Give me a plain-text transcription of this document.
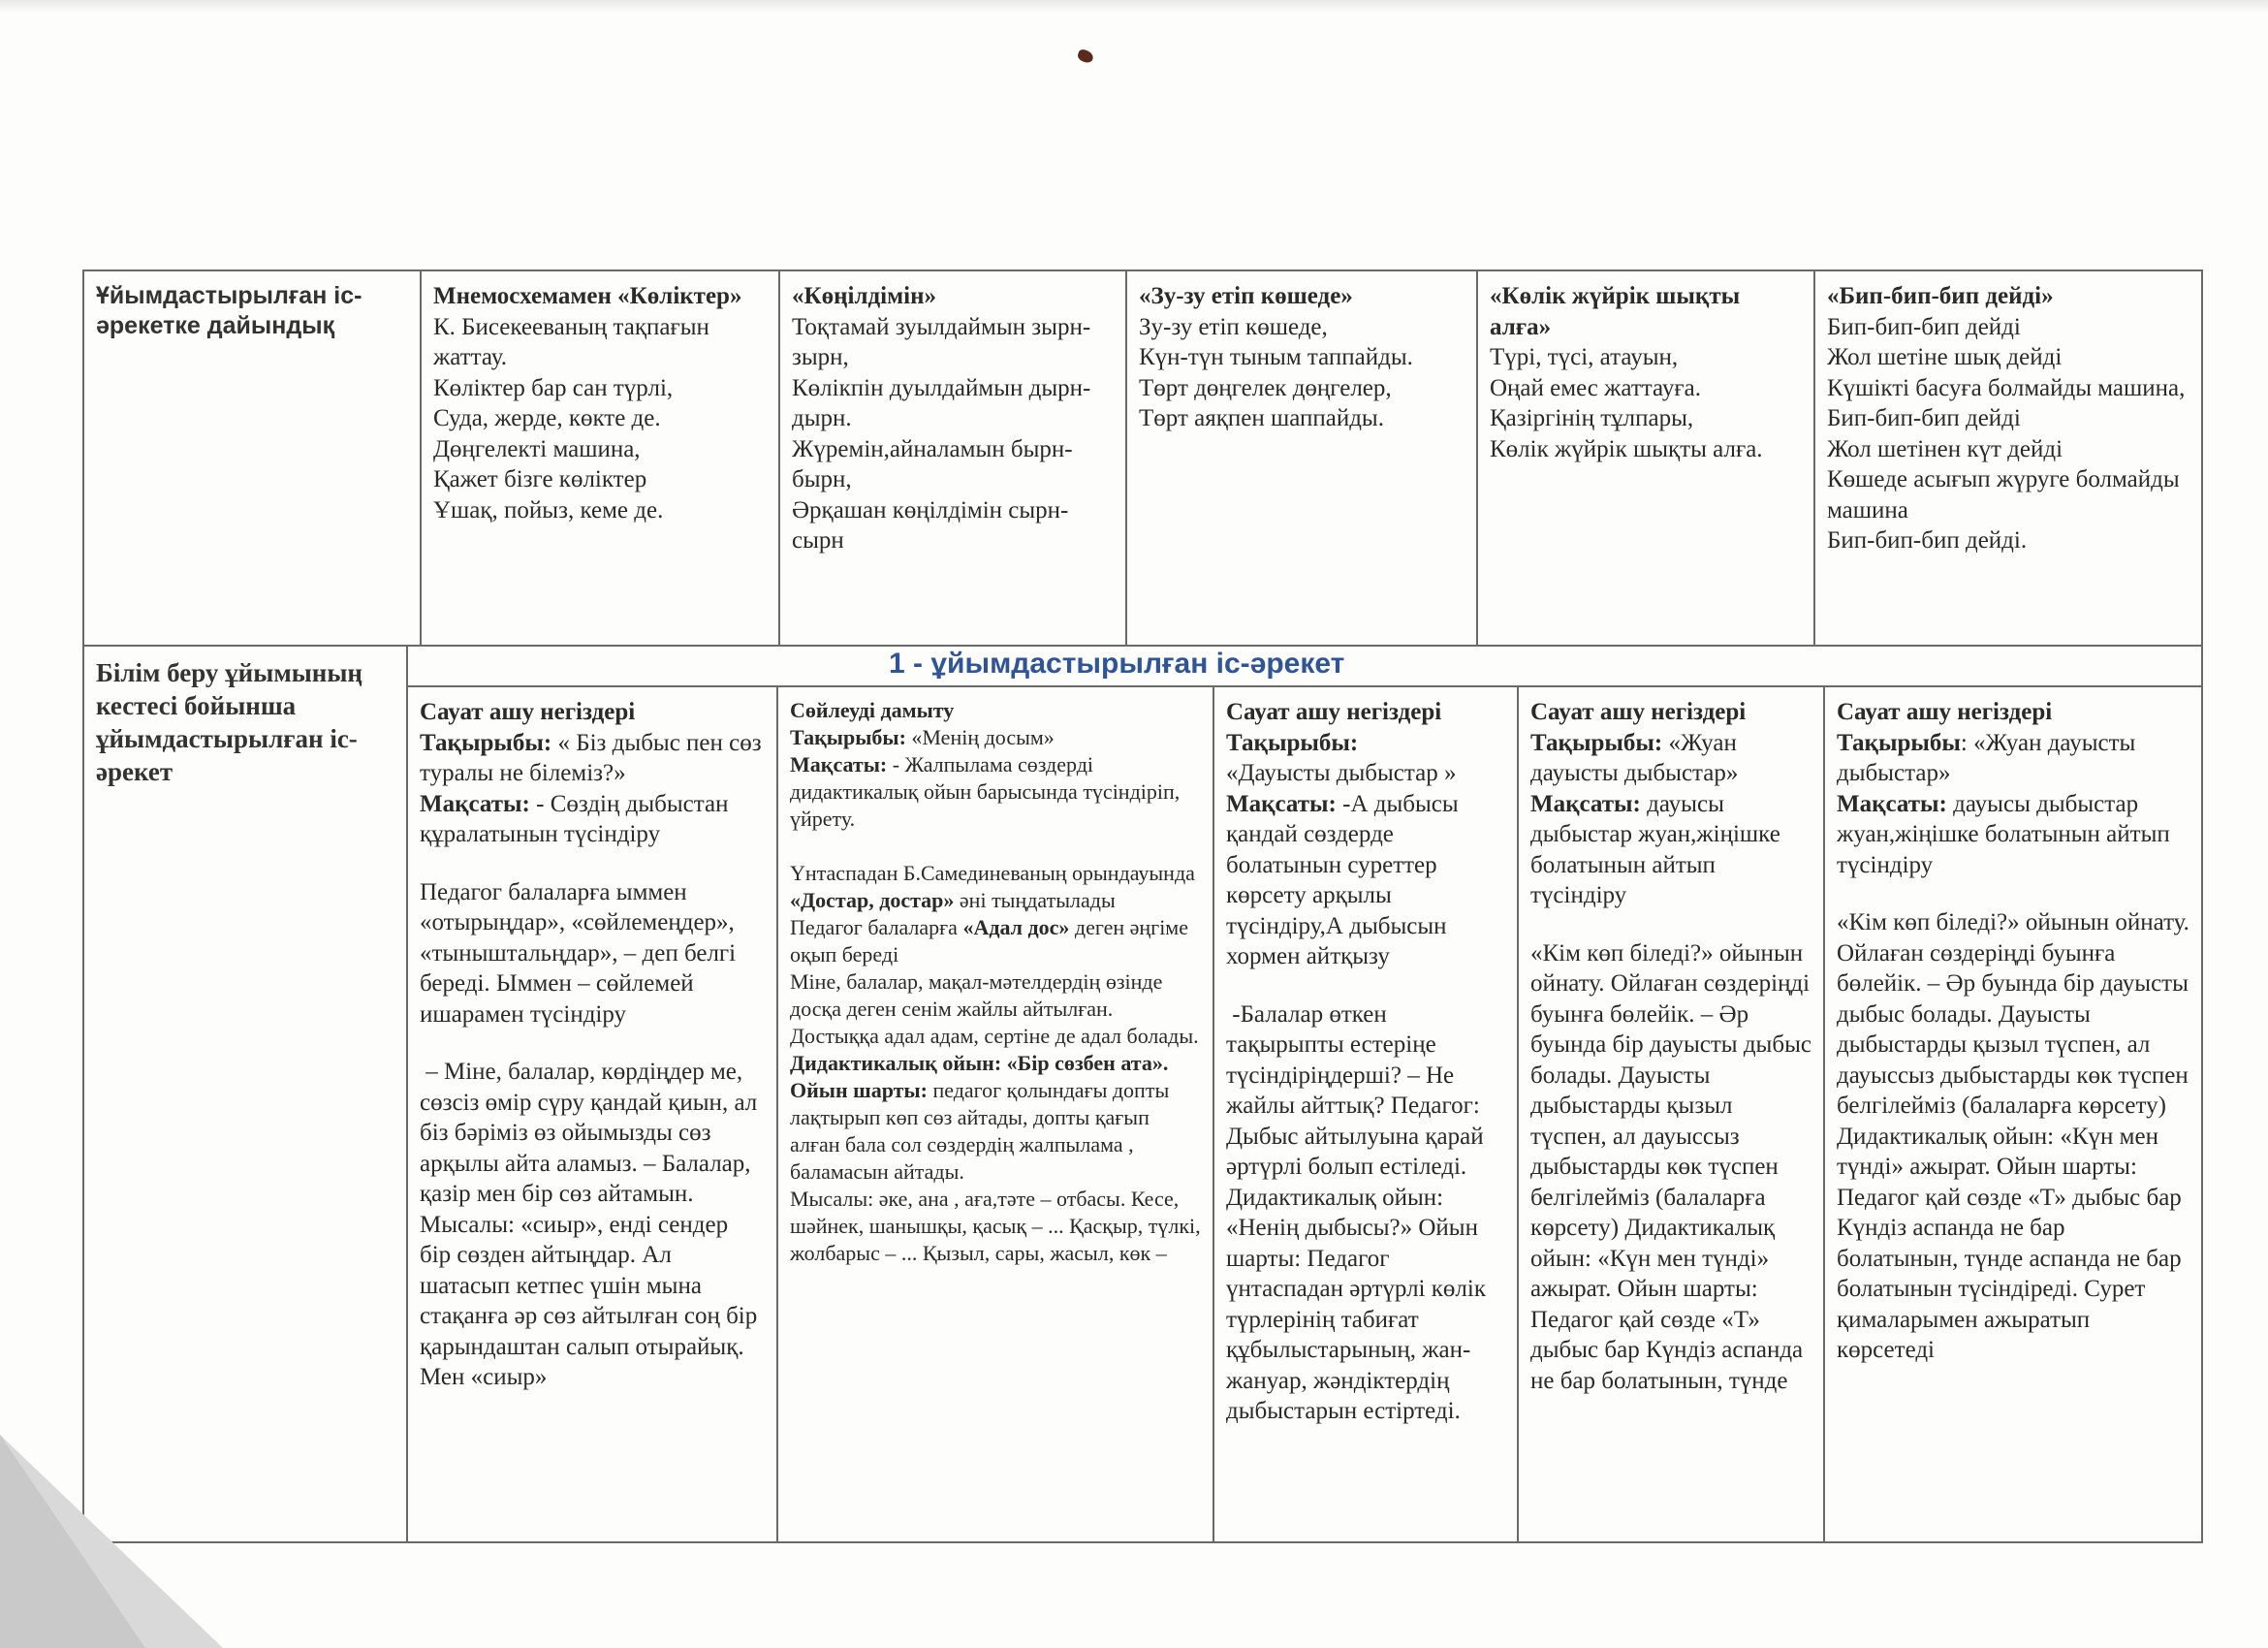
Ұйымдастырылған іс-әрекетке дайындық
Мнемосхемамен «Көліктер»
К. Бисекееваның тақпағын жаттау.
Көліктер бар сан түрлі,
Суда, жерде, көкте де.
Дөңгелекті машина,
Қажет бізге көліктер
Ұшақ, пойыз, кеме де.
«Көңілдімін»
Тоқтамай зуылдаймын зырн-зырн,
Көлікпін дуылдаймын дырн-дырн.
Жүремін,айналамын бырн-бырн,
Әрқашан көңілдімін сырн-сырн
«Зу-зу етіп көшеде»
Зу-зу етіп көшеде,
Күн-түн тыным таппайды.
Төрт дөңгелек дөңгелер,
Төрт аяқпен шаппайды.
«Көлік жүйрік шықты алға»
Түрі, түсі, атауын,
Оңай емес жаттауға.
Қазіргінің тұлпары,
Көлік жүйрік шықты алға.
«Бип-бип-бип дейді»
Бип-бип-бип дейді
Жол шетіне шық дейді
Күшікті басуға болмайды машина,
Бип-бип-бип дейді
Жол шетінен күт дейді
Көшеде асығып жүруге болмайды машина
Бип-бип-бип дейді.
Білім беру ұйымының кестесі бойынша ұйымдастырылған іс-әрекет
1 - ұйымдастырылған іс-әрекет
Сауат ашу негіздері
Тақырыбы: « Біз дыбыс пен сөз туралы не білеміз?»
Мақсаты: - Сөздің дыбыстан құралатынын түсіндіру
Педагог балаларға ыммен «отырыңдар», «сөйлемеңдер», «тыныштальңдар», – деп белгі береді. Ыммен – сөйлемей ишарамен түсіндіру
– Міне, балалар, көрдіңдер ме, сөзсіз өмір сүру қандай қиын, ал біз бәріміз өз ойымызды сөз арқылы айта аламыз. – Балалар, қазір мен бір сөз айтамын. Мысалы: «сиыр», енді сендер бір сөзден айтыңдар. Ал шатасып кетпес үшін мына стақанға әр сөз айтылған соң бір қарындаштан салып отырайық. Мен «сиыр»
Сөйлеуді дамыту
Тақырыбы: «Менің досым»
Мақсаты: - Жалпылама сөздерді дидактикалық ойын барысында түсіндіріп, үйрету.
Үнтаспадан Б.Самединеваның орындауында «Достар, достар» әні тыңдатылады
Педагог балаларға «Адал дос» деген әңгіме оқып береді
Міне, балалар, мақал-мәтелдердің өзінде досқа деген сенім жайлы айтылған. Достыққа адал адам, сертіне де адал болады.
Дидактикалық ойын: «Бір сөзбен ата».
Ойын шарты: педагог қолындағы допты лақтырып көп сөз айтады, допты қағып алған бала сол сөздердің жалпылама , баламасын айтады.
Мысалы: әке, ана , аға,тәте – отбасы. Кесе, шәйнек, шанышқы, қасық – ... Қасқыр, түлкі, жолбарыс – ... Қызыл, сары, жасыл, көк –
Сауат ашу негіздері
Тақырыбы:
«Дауысты дыбыстар »
Мақсаты: -А дыбысы қандай сөздерде болатынын суреттер көрсету арқылы түсіндіру,А дыбысын хормен айтқызу
-Балалар өткен тақырыпты естеріңе түсіндіріңдерші? – Не жайлы айттық? Педагог: Дыбыс айтылуына қарай әртүрлі болып естіледі. Дидактикалық ойын: «Ненің дыбысы?» Ойын шарты: Педагог үнтаспадан әртүрлі көлік түрлерінің табиғат құбылыстарының, жан-жануар, жәндіктердің дыбыстарын естіртеді.
Сауат ашу негіздері
Тақырыбы: «Жуан дауысты дыбыстар»
Мақсаты: дауысы дыбыстар жуан,жіңішке болатынын айтып түсіндіру
«Кім көп біледі?» ойынын ойнату. Ойлаған сөздеріңді буынға бөлейік. – Әр буында бір дауысты дыбыс болады. Дауысты дыбыстарды қызыл түспен, ал дауыссыз дыбыстарды көк түспен белгілейміз (балаларға көрсету) Дидактикалық ойын: «Күн мен түнді» ажырат. Ойын шарты: Педагог қай сөзде «Т» дыбыс бар Күндіз аспанда не бар болатынын, түнде
Сауат ашу негіздері
Тақырыбы: «Жуан дауысты дыбыстар»
Мақсаты: дауысы дыбыстар жуан,жіңішке болатынын айтып түсіндіру
«Кім көп біледі?» ойынын ойнату. Ойлаған сөздеріңді буынға бөлейік. – Әр буында бір дауысты дыбыс болады. Дауысты дыбыстарды қызыл түспен, ал дауыссыз дыбыстарды көк түспен белгілейміз (балаларға көрсету) Дидактикалық ойын: «Күн мен түнді» ажырат. Ойын шарты: Педагог қай сөзде «Т» дыбыс бар Күндіз аспанда не бар болатынын, түнде аспанда не бар болатынын түсіндіреді. Сурет қималарымен ажыратып көрсетеді
